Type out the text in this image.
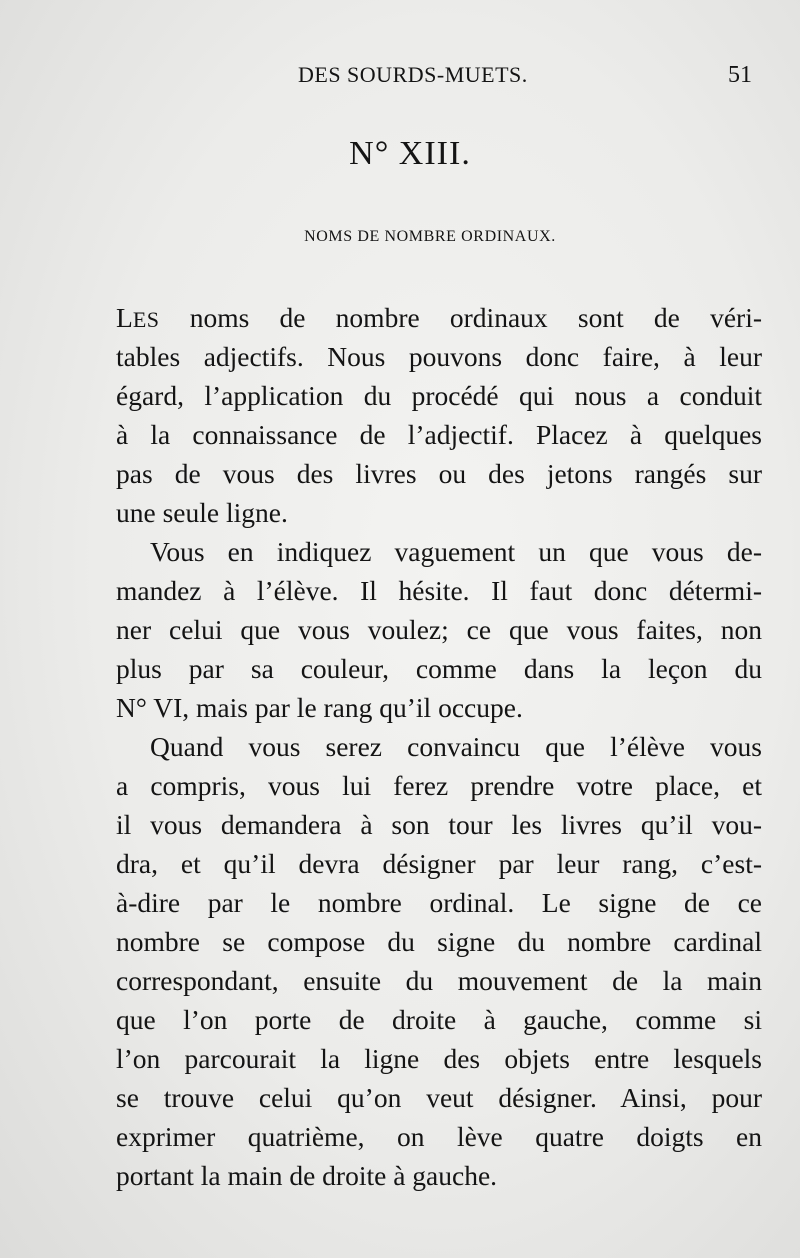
DES SOURDS-MUETS.	51
N° XIII.
NOMS DE NOMBRE ORDINAUX.
LES noms de nombre ordinaux sont de véri-
tables adjectifs. Nous pouvons donc faire, à leur
égard, l’application du procédé qui nous a conduit
à la connaissance de l’adjectif. Placez à quelques
pas de vous des livres ou des jetons rangés sur
une seule ligne.
Vous en indiquez vaguement un que vous de-
mandez à l’élève. Il hésite. Il faut donc détermi-
ner celui que vous voulez; ce que vous faites, non
plus par sa couleur, comme dans la leçon du
N° VI, mais par le rang qu’il occupe.
Quand vous serez convaincu que l’élève vous
a compris, vous lui ferez prendre votre place, et
il vous demandera à son tour les livres qu’il vou-
dra, et qu’il devra désigner par leur rang, c’est-
à-dire par le nombre ordinal. Le signe de ce
nombre se compose du signe du nombre cardinal
correspondant, ensuite du mouvement de la main
que l’on porte de droite à gauche, comme si
l’on parcourait la ligne des objets entre lesquels
se trouve celui qu’on veut désigner. Ainsi, pour
exprimer quatrième, on lève quatre doigts en
portant la main de droite à gauche.
